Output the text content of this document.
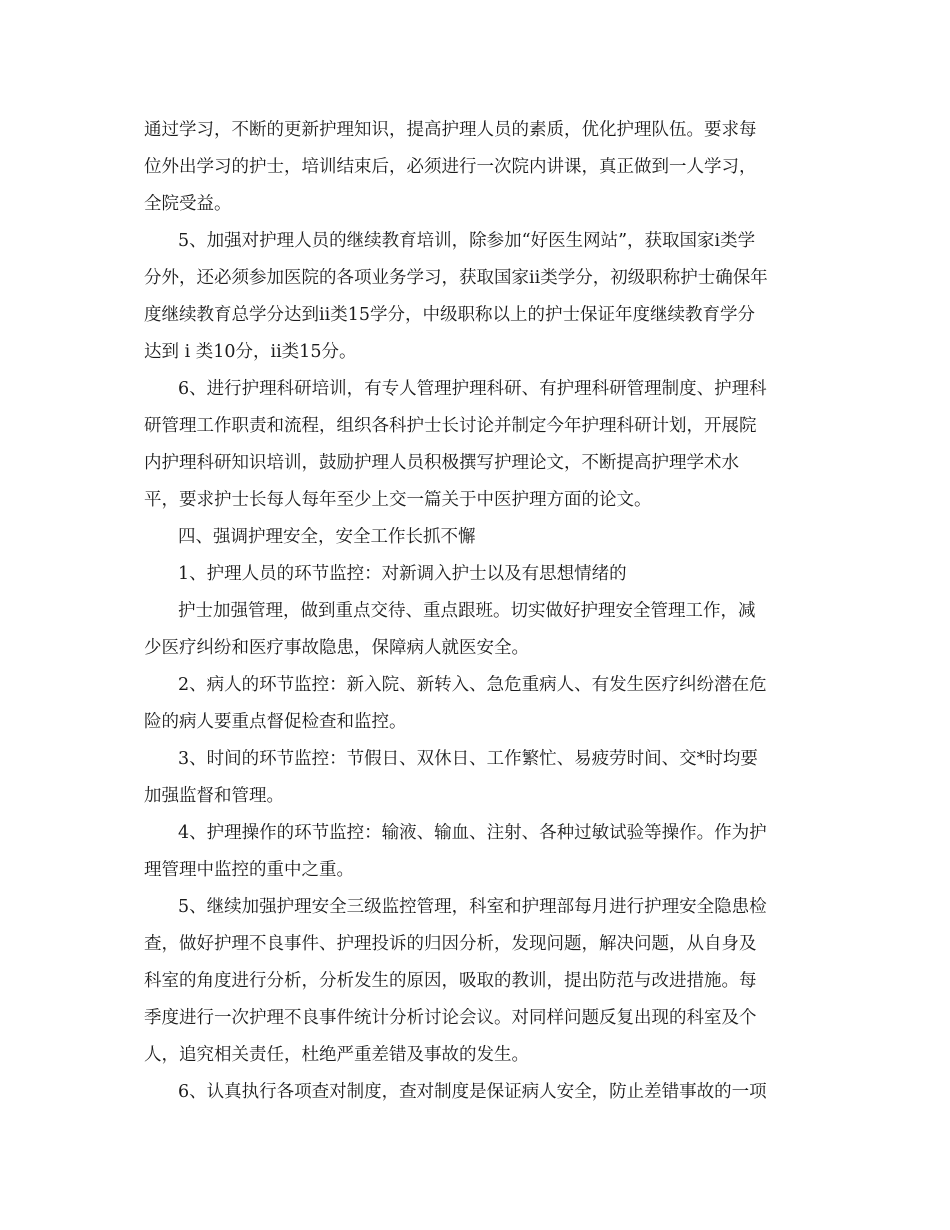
通过学习，不断的更新护理知识，提高护理人员的素质，优化护理队伍。要求每
位外出学习的护士，培训结束后，必须进行一次院内讲课，真正做到一人学习，
全院受益。
5、加强对护理人员的继续教育培训，除参加“好医生网站”，获取国家i类学
分外，还必须参加医院的各项业务学习，获取国家ii类学分，初级职称护士确保年
度继续教育总学分达到ii类15学分，中级职称以上的护士保证年度继续教育学分
达到 i 类10分，ii类15分。
6、进行护理科研培训，有专人管理护理科研、有护理科研管理制度、护理科
研管理工作职责和流程，组织各科护士长讨论并制定今年护理科研计划，开展院
内护理科研知识培训，鼓励护理人员积极撰写护理论文，不断提高护理学术水
平，要求护士长每人每年至少上交一篇关于中医护理方面的论文。
四、强调护理安全，安全工作长抓不懈
1、护理人员的环节监控：对新调入护士以及有思想情绪的
护士加强管理，做到重点交待、重点跟班。切实做好护理安全管理工作，减
少医疗纠纷和医疗事故隐患，保障病人就医安全。
2、病人的环节监控：新入院、新转入、急危重病人、有发生医疗纠纷潜在危
险的病人要重点督促检查和监控。
3、时间的环节监控：节假日、双休日、工作繁忙、易疲劳时间、交*时均要
加强监督和管理。
4、护理操作的环节监控：输液、输血、注射、各种过敏试验等操作。作为护
理管理中监控的重中之重。
5、继续加强护理安全三级监控管理，科室和护理部每月进行护理安全隐患检
查，做好护理不良事件、护理投诉的归因分析，发现问题，解决问题，从自身及
科室的角度进行分析，分析发生的原因，吸取的教训，提出防范与改进措施。每
季度进行一次护理不良事件统计分析讨论会议。对同样问题反复出现的科室及个
人，追究相关责任，杜绝严重差错及事故的发生。
6、认真执行各项查对制度，查对制度是保证病人安全，防止差错事故的一项
